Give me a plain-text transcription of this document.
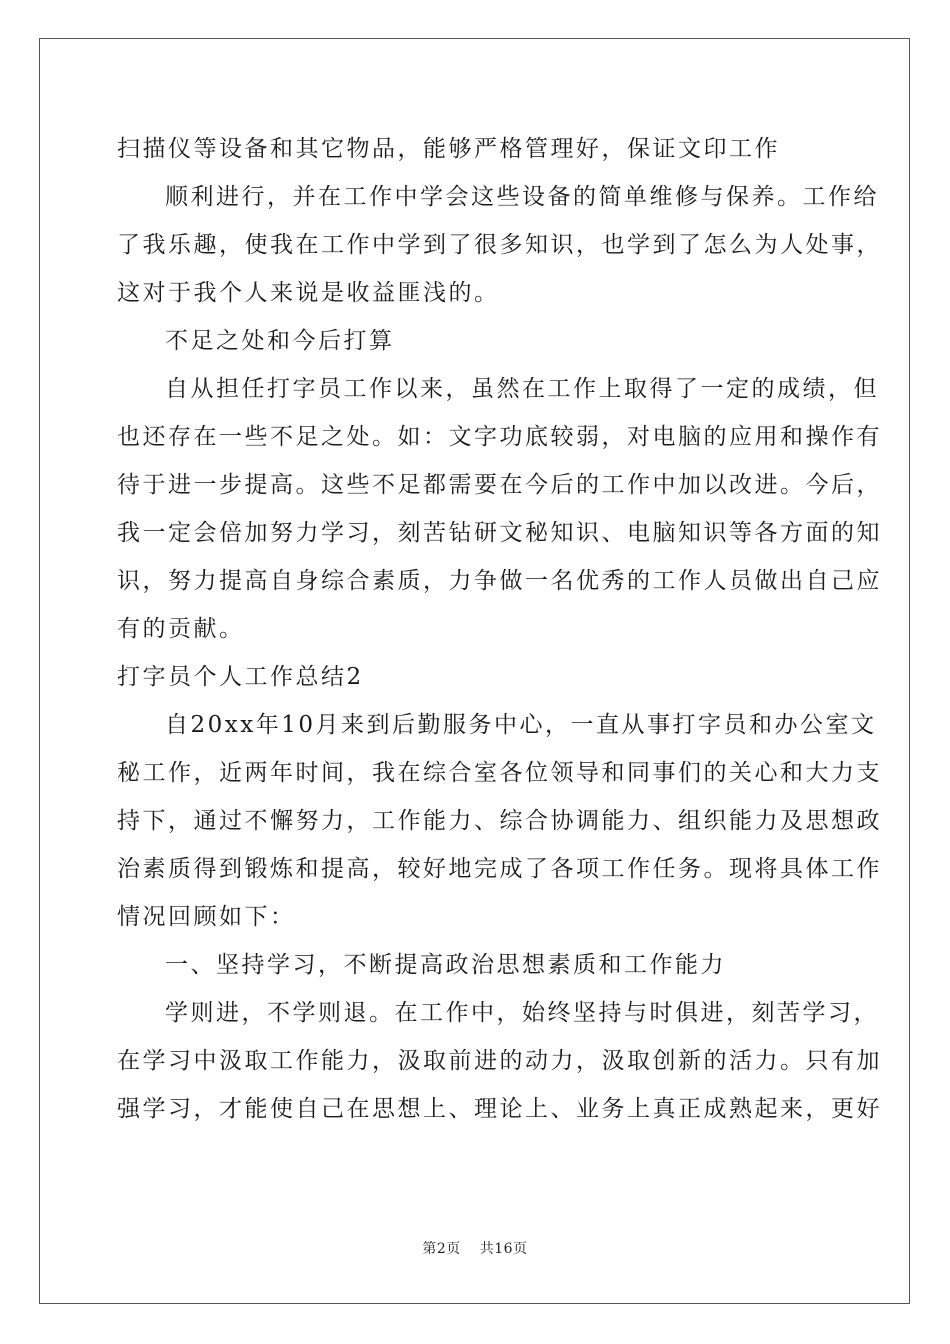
扫描仪等设备和其它物品，能够严格管理好，保证文印工作
顺利进行，并在工作中学会这些设备的简单维修与保养。工作给
了我乐趣，使我在工作中学到了很多知识，也学到了怎么为人处事，
这对于我个人来说是收益匪浅的。
不足之处和今后打算
自从担任打字员工作以来，虽然在工作上取得了一定的成绩，但
也还存在一些不足之处。如：文字功底较弱，对电脑的应用和操作有
待于进一步提高。这些不足都需要在今后的工作中加以改进。今后，
我一定会倍加努力学习，刻苦钻研文秘知识、电脑知识等各方面的知
识，努力提高自身综合素质，力争做一名优秀的工作人员做出自己应
有的贡献。
打字员个人工作总结2
自20xx年10月来到后勤服务中心，一直从事打字员和办公室文
秘工作，近两年时间，我在综合室各位领导和同事们的关心和大力支
持下，通过不懈努力，工作能力、综合协调能力、组织能力及思想政
治素质得到锻炼和提高，较好地完成了各项工作任务。现将具体工作
情况回顾如下：
一、坚持学习，不断提高政治思想素质和工作能力
学则进，不学则退。在工作中，始终坚持与时俱进，刻苦学习，
在学习中汲取工作能力，汲取前进的动力，汲取创新的活力。只有加
强学习，才能使自己在思想上、理论上、业务上真正成熟起来，更好
第2页 共16页
